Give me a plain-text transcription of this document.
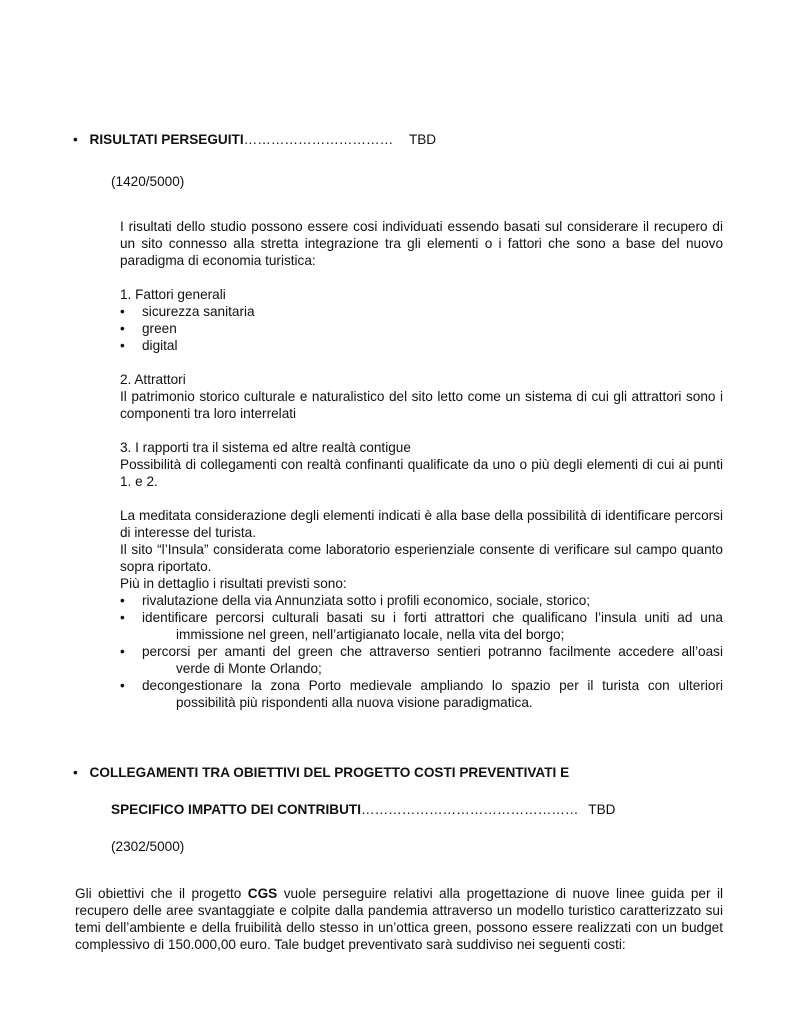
• RISULTATI PERSEGUITI…………………………… TBD
(1420/5000)
I risultati dello studio possono essere cosi individuati essendo basati sul considerare il recupero di un sito connesso alla stretta integrazione tra gli elementi o i fattori che sono a base del nuovo paradigma di economia turistica:
1. Fattori generali
• sicurezza sanitaria
• green
• digital
2. Attrattori
Il patrimonio storico culturale e naturalistico del sito letto come un sistema di cui gli attrattori sono i componenti tra loro interrelati
3. I rapporti tra il sistema ed altre realtà contigue
Possibilità di collegamenti con realtà confinanti qualificate da uno o più degli elementi di cui ai punti 1. e 2.
La meditata considerazione degli elementi indicati è alla base della possibilità di identificare percorsi di interesse del turista.
Il sito “l’Insula” considerata come laboratorio esperienziale consente di verificare sul campo quanto sopra riportato.
Più in dettaglio i risultati previsti sono:
• rivalutazione della via Annunziata sotto i profili economico, sociale, storico;
• identificare percorsi culturali basati su i forti attrattori che qualificano l’insula uniti ad una
immissione nel green, nell’artigianato locale, nella vita del borgo;
• percorsi per amanti del green che attraverso sentieri potranno facilmente accedere all’oasi
verde di Monte Orlando;
• decongestionare la zona Porto medievale ampliando lo spazio per il turista con ulteriori
possibilità più rispondenti alla nuova visione paradigmatica.
• COLLEGAMENTI TRA OBIETTIVI DEL PROGETTO COSTI PREVENTIVATI E
SPECIFICO IMPATTO DEI CONTRIBUTI………………………………………… TBD
(2302/5000)
Gli obiettivi che il progetto CGS vuole perseguire relativi alla progettazione di nuove linee guida per il recupero delle aree svantaggiate e colpite dalla pandemia attraverso un modello turistico caratterizzato sui temi dell’ambiente e della fruibilità dello stesso in un’ottica green, possono essere realizzati con un budget complessivo di 150.000,00 euro. Tale budget preventivato sarà suddiviso nei seguenti costi:
